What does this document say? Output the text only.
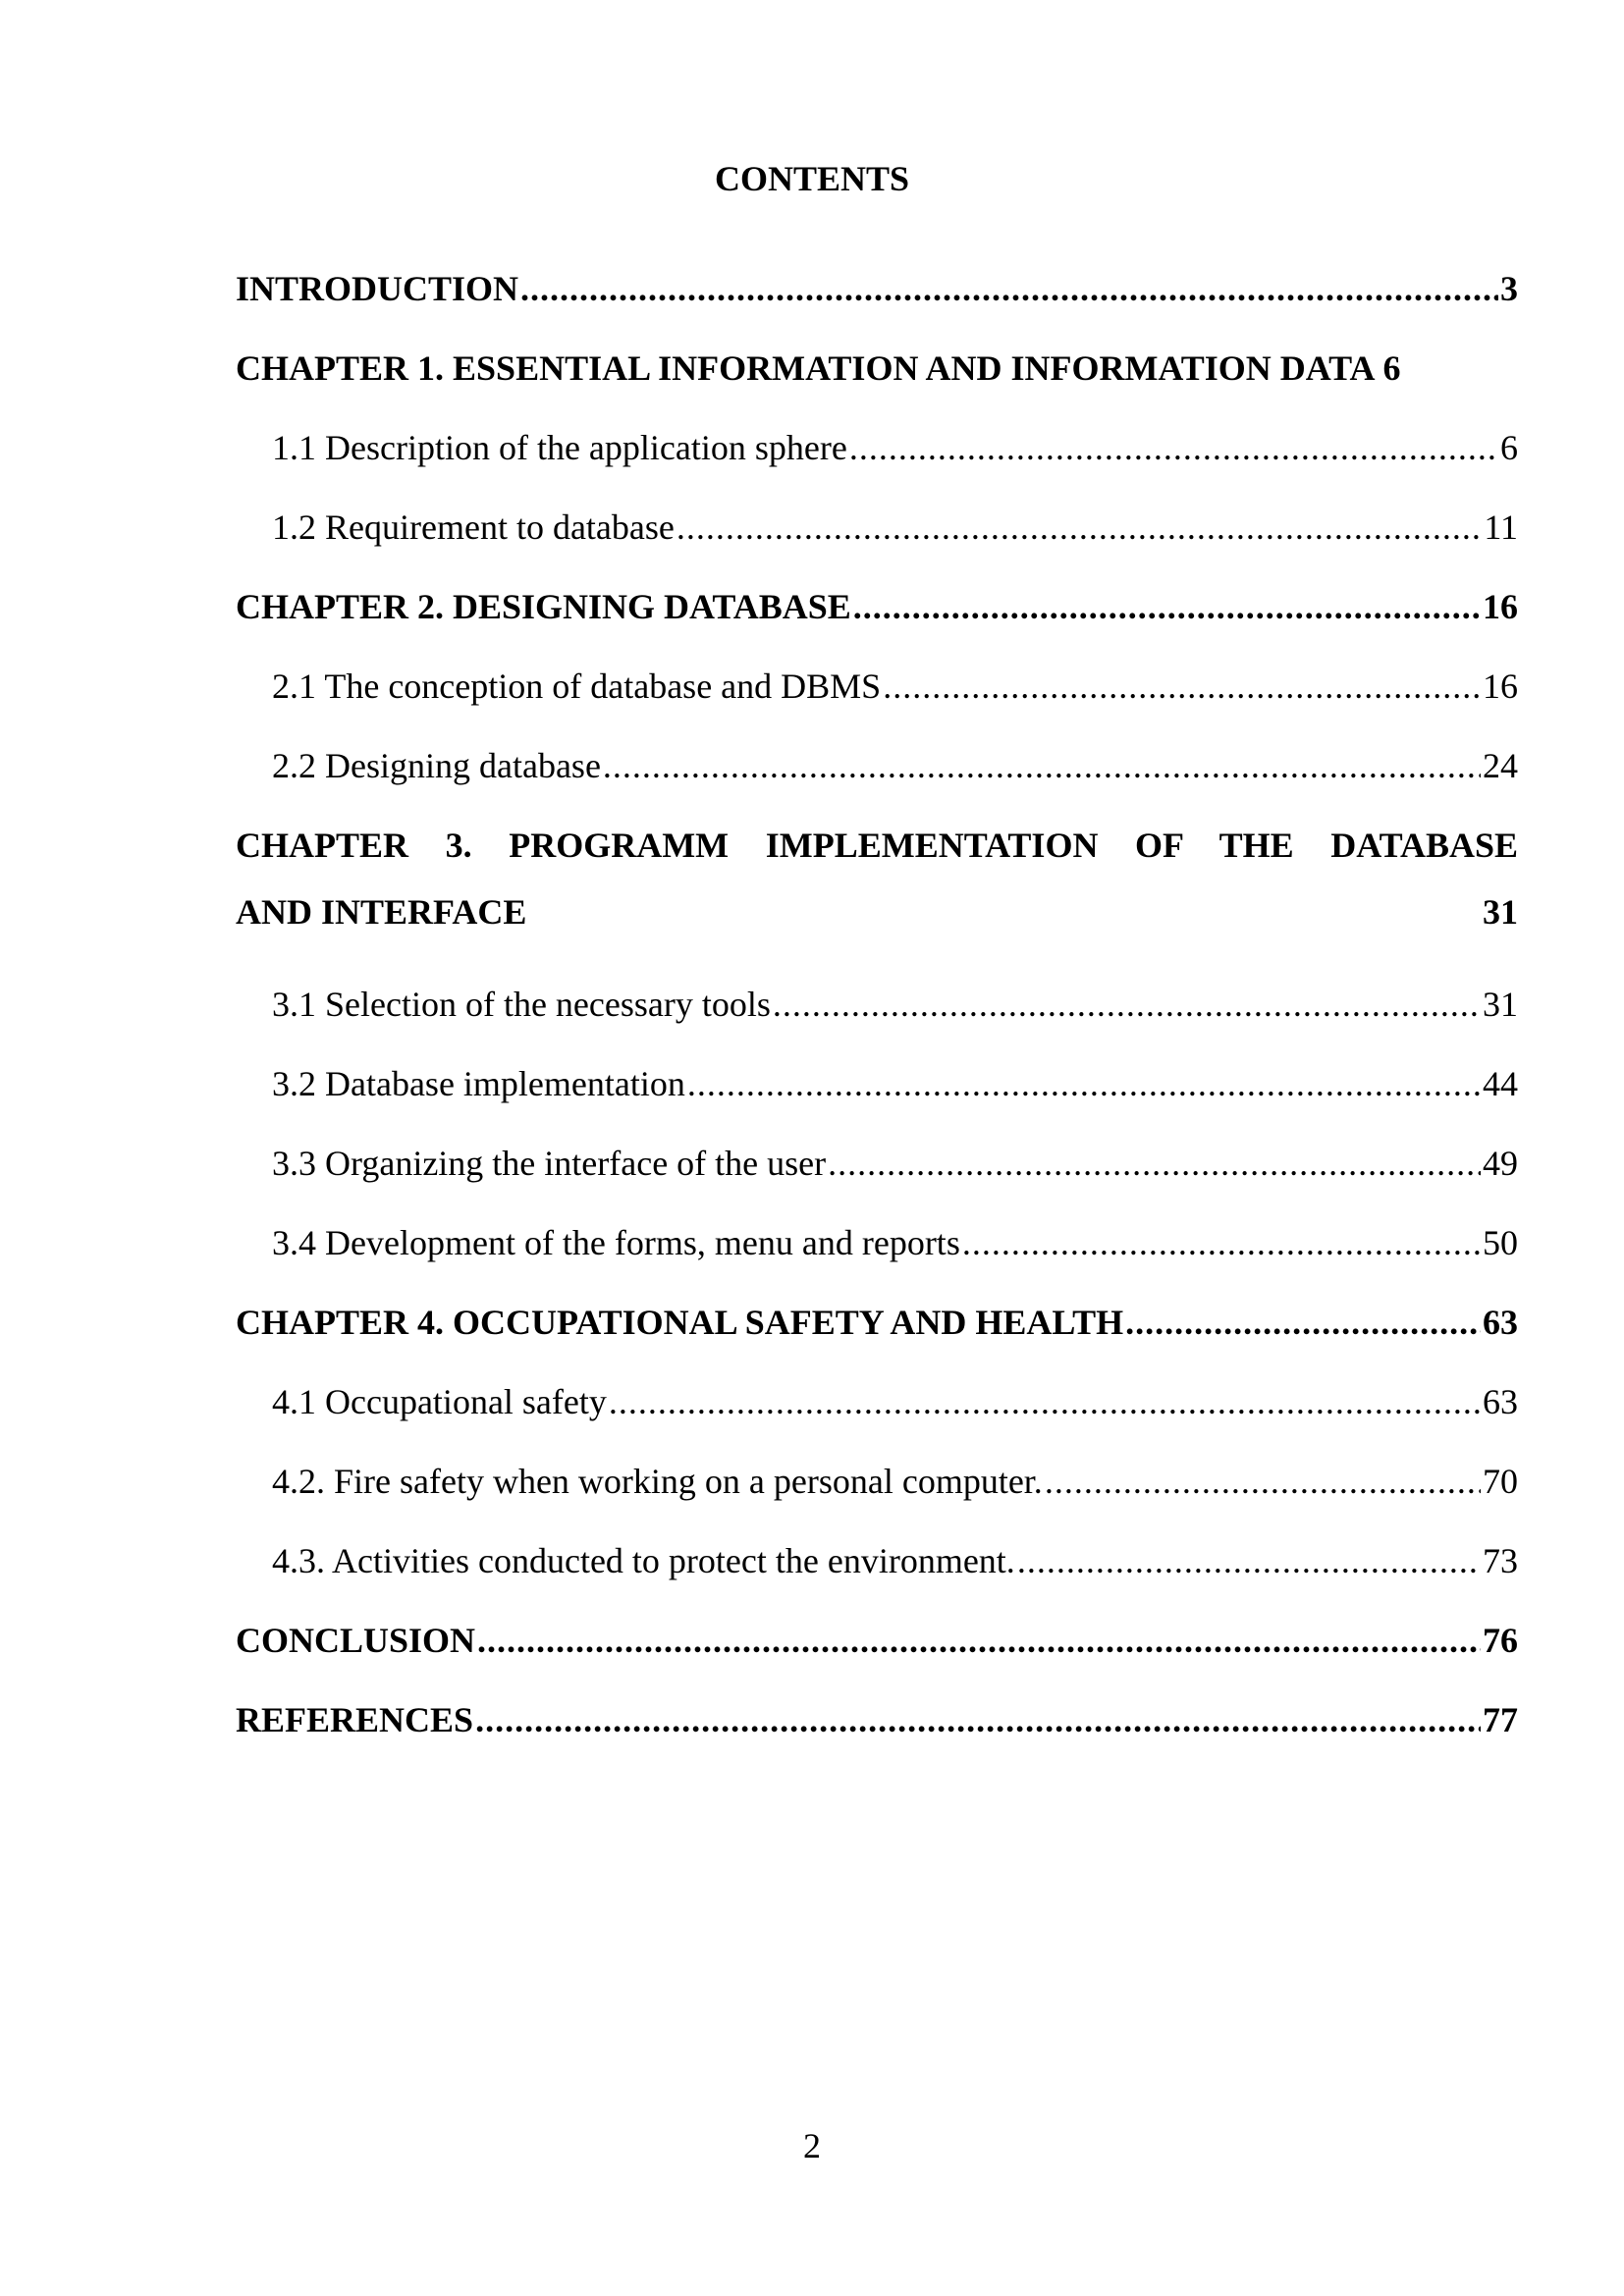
CONTENTS
INTRODUCTION .....	3
CHAPTER 1. ESSENTIAL INFORMATION AND INFORMATION DATA 6
1.1 Description of the application sphere .....	6
1.2 Requirement to database .....	11
CHAPTER 2. DESIGNING DATABASE .....	16
2.1 The conception of database and DBMS .....	16
2.2 Designing database .....	24
CHAPTER 3. PROGRAMM IMPLEMENTATION OF THE DATABASE
AND INTERFACE	31
3.1 Selection of the necessary tools .....	31
3.2 Database implementation .....	44
3.3 Organizing the interface of the user .....	49
3.4 Development of the forms, menu and reports .....	50
CHAPTER 4. OCCUPATIONAL SAFETY AND HEALTH .....	63
4.1 Occupational safety .....	63
4.2. Fire safety when working on a personal computer. .....	70
4.3. Activities conducted to protect the environment. .....	73
CONCLUSION .....	76
REFERENCES .....	77
2
